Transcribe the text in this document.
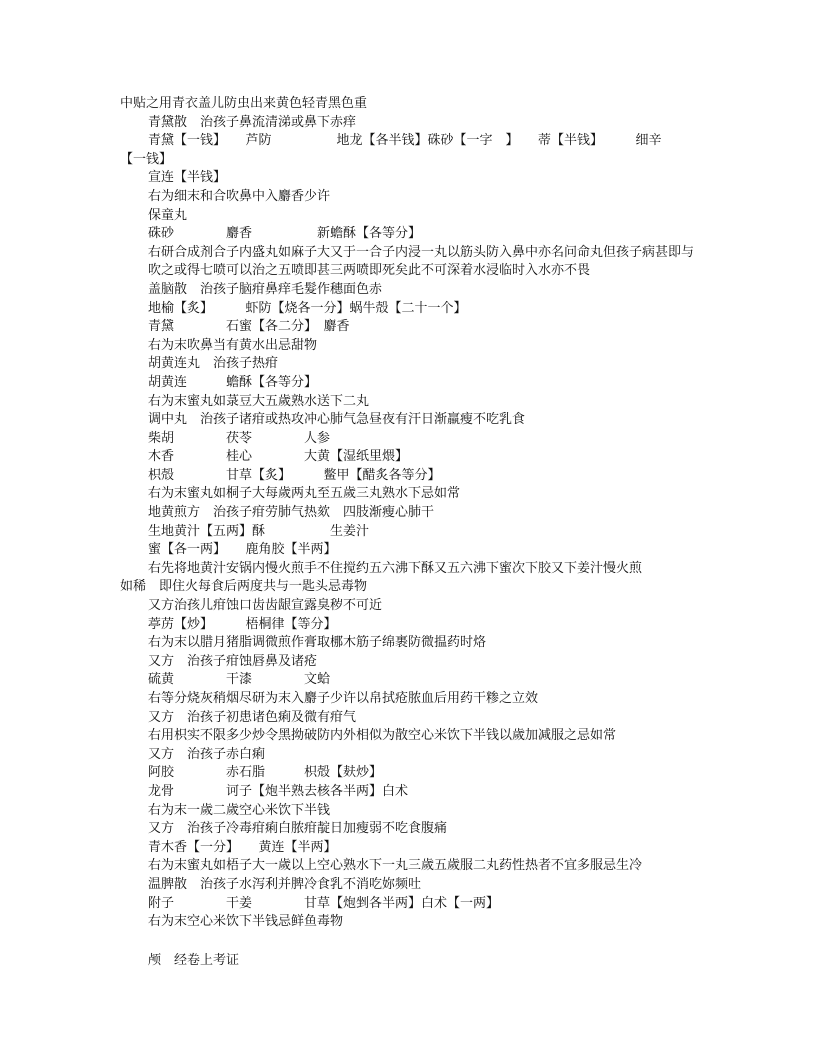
中贴之用青衣盖儿防虫出来黄色轻青黑色重
青黛散　治孩子鼻流清涕或鼻下赤痒
青黛【一钱】　　芦防　　　　　地龙【各半钱】硃砂【一字　】　　蒂【半钱】　　　细辛
【一钱】
宣连【半钱】
右为细末和合吹鼻中入麝香少许
保童丸
硃砂　　　　麝香　　　　　新蟾酥【各等分】
右研合成剂合子内盛丸如麻子大又于一合子内浸一丸以筋头防入鼻中亦名问命丸但孩子病甚即与吹之或得七喷可以治之五喷即甚三两喷即死矣此不可深着水浸临时入水亦不畏
盖脑散　治孩子脑疳鼻痒毛髮作穗面色赤
地榆【炙】　　　虾防【烧各一分】蜗牛殻【二十一个】
青黛　　　　石蜜【各二分】　麝香
右为末吹鼻当有黄水出忌甜物
胡黄连丸　治孩子热疳
胡黄连　　　蟾酥【各等分】
右为末蜜丸如菉豆大五歲熟水送下二丸
调中丸　治孩子诸疳或热攻冲心肺气急昼夜有汗日渐羸瘦不吃乳食
柴胡　　　　茯苓　　　　人参
木香　　　　桂心　　　　大黄【湿纸里煨】
枳殻　　　　甘草【炙】　　　鳖甲【醋炙各等分】
右为末蜜丸如桐子大每歲两丸至五歲三丸熟水下忌如常
地黄煎方　治孩子疳劳肺气热欬　四肢渐瘦心肺干
生地黄汁【五两】酥　　　　　生姜汁
蜜【各一两】　　鹿角胶【半两】
右先将地黄汁安锅内慢火煎手不住搅约五六沸下酥又五六沸下蜜次下胶又下姜汁慢火煎
如稀　即住火每食后两度共与一匙头忌毒物
又方治孩儿疳蚀口齿齿龈宣露臭秽不可近
葶苈【炒】　　　梧桐律【等分】
右为末以腊月猪脂调微煎作膏取梛木筋子绵裹防微揾药时烙
又方　治孩子疳蚀唇鼻及诸疮
硫黄　　　　干漆　　　　文蛤
右等分烧灰稍烟尽研为末入麝子少许以帛拭疮脓血后用药干糁之立效
又方　治孩子初患诸色痢及微有疳气
右用枳实不限多少炒令黑拗破防内外相似为散空心米饮下半钱以歲加减服之忌如常
又方　治孩子赤白痢
阿胶　　　　赤石脂　　　枳殻【麸炒】
龙骨　　　　诃子【炮半熟去核各半两】白术
右为末一歲二歲空心米饮下半钱
又方　治孩子冷毒疳痢白脓疳靛日加瘦弱不吃食腹痛
青木香【一分】　　黄连【半两】
右为末蜜丸如梧子大一歲以上空心熟水下一丸三歲五歲服二丸药性热者不宜多服忌生冷
温脾散　治孩子水泻利并脾冷食乳不消吃妳频吐
附子　　　　干姜　　　　甘草【炮剉各半两】白术【一两】
右为末空心米饮下半钱忌鲜鱼毒物
颅　经卷上考证
